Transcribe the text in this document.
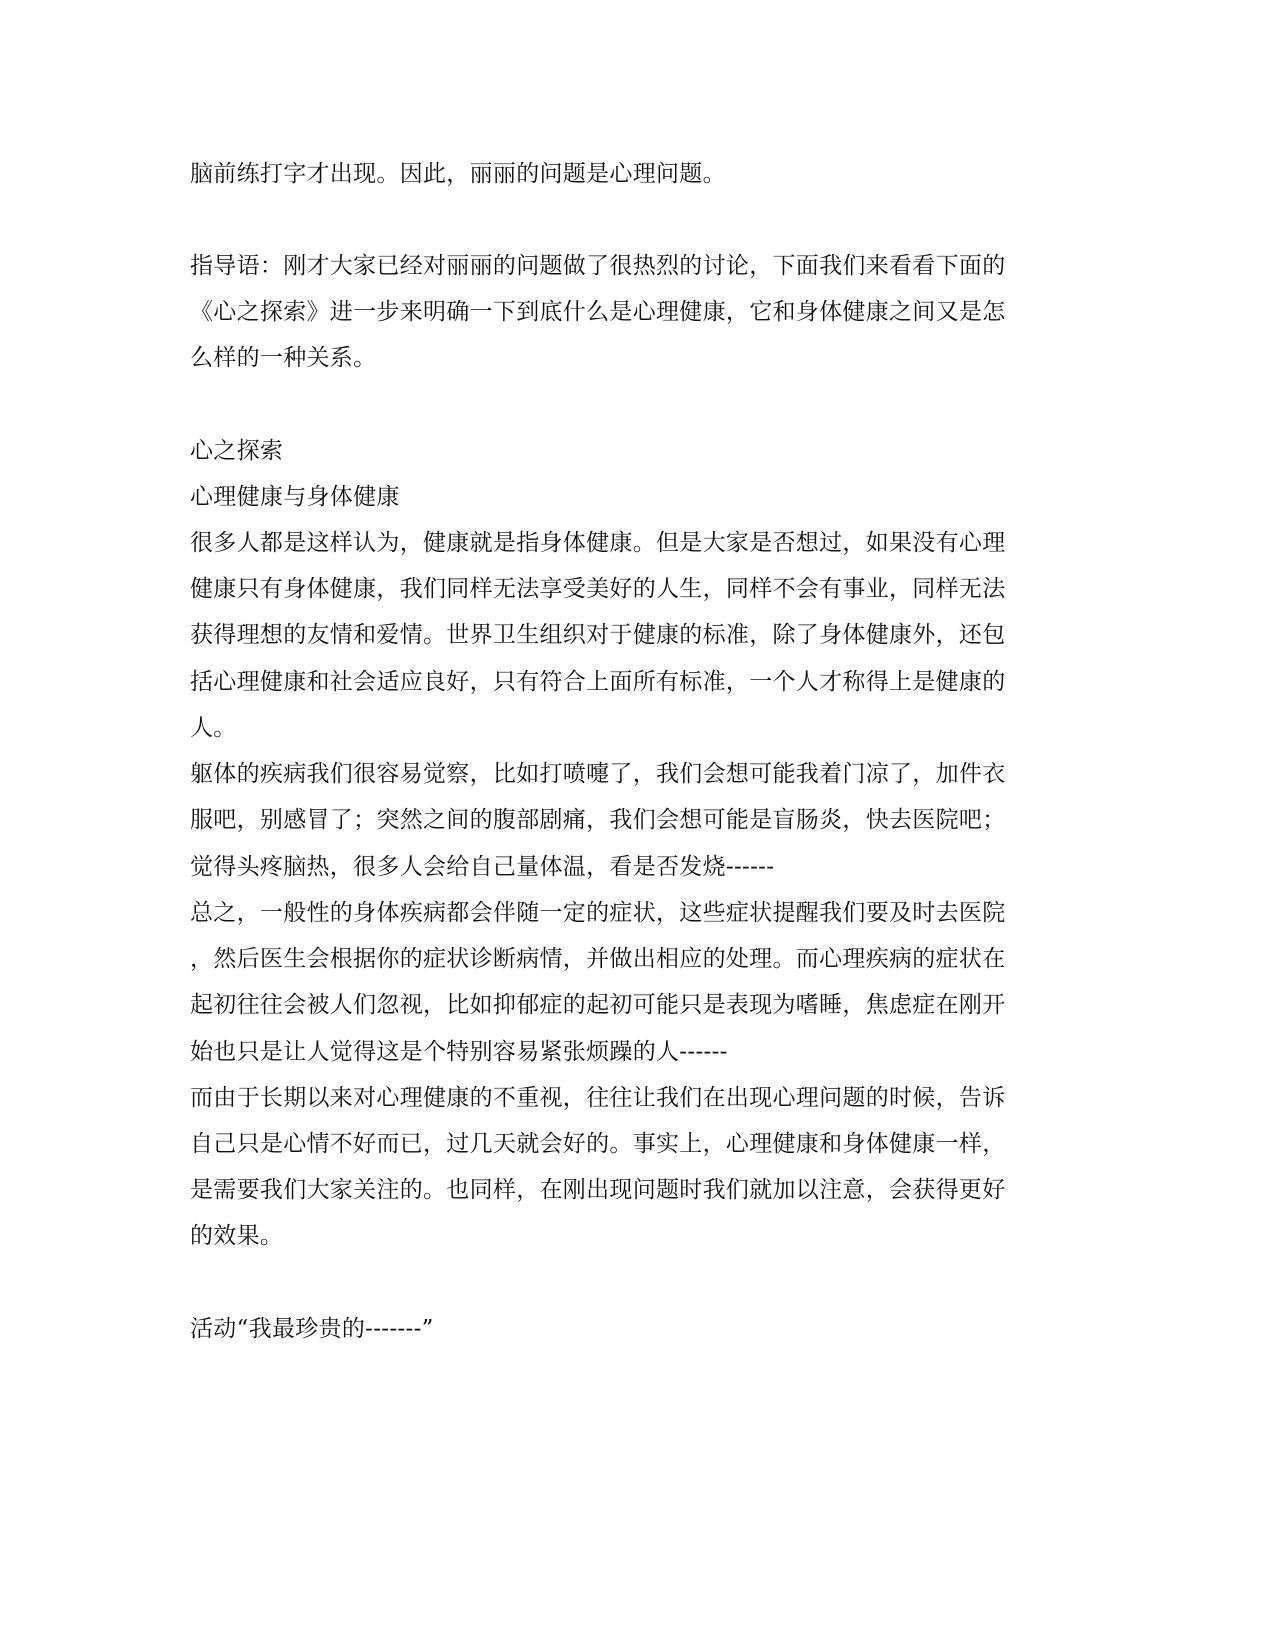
脑前练打字才出现。因此，丽丽的问题是心理问题。
指导语：刚才大家已经对丽丽的问题做了很热烈的讨论，下面我们来看看下面的
《心之探索》进一步来明确一下到底什么是心理健康，它和身体健康之间又是怎
么样的一种关系。
心之探索
心理健康与身体健康
很多人都是这样认为，健康就是指身体健康。但是大家是否想过，如果没有心理
健康只有身体健康，我们同样无法享受美好的人生，同样不会有事业，同样无法
获得理想的友情和爱情。世界卫生组织对于健康的标准，除了身体健康外，还包
括心理健康和社会适应良好，只有符合上面所有标准，一个人才称得上是健康的
人。
躯体的疾病我们很容易觉察，比如打喷嚏了，我们会想可能我着门凉了，加件衣
服吧，别感冒了；突然之间的腹部剧痛，我们会想可能是盲肠炎，快去医院吧；
觉得头疼脑热，很多人会给自己量体温，看是否发烧------
总之，一般性的身体疾病都会伴随一定的症状，这些症状提醒我们要及时去医院
，然后医生会根据你的症状诊断病情，并做出相应的处理。而心理疾病的症状在
起初往往会被人们忽视，比如抑郁症的起初可能只是表现为嗜睡，焦虑症在刚开
始也只是让人觉得这是个特别容易紧张烦躁的人------
而由于长期以来对心理健康的不重视，往往让我们在出现心理问题的时候，告诉
自己只是心情不好而已，过几天就会好的。事实上，心理健康和身体健康一样，
是需要我们大家关注的。也同样，在刚出现问题时我们就加以注意，会获得更好
的效果。
活动“我最珍贵的-------”
